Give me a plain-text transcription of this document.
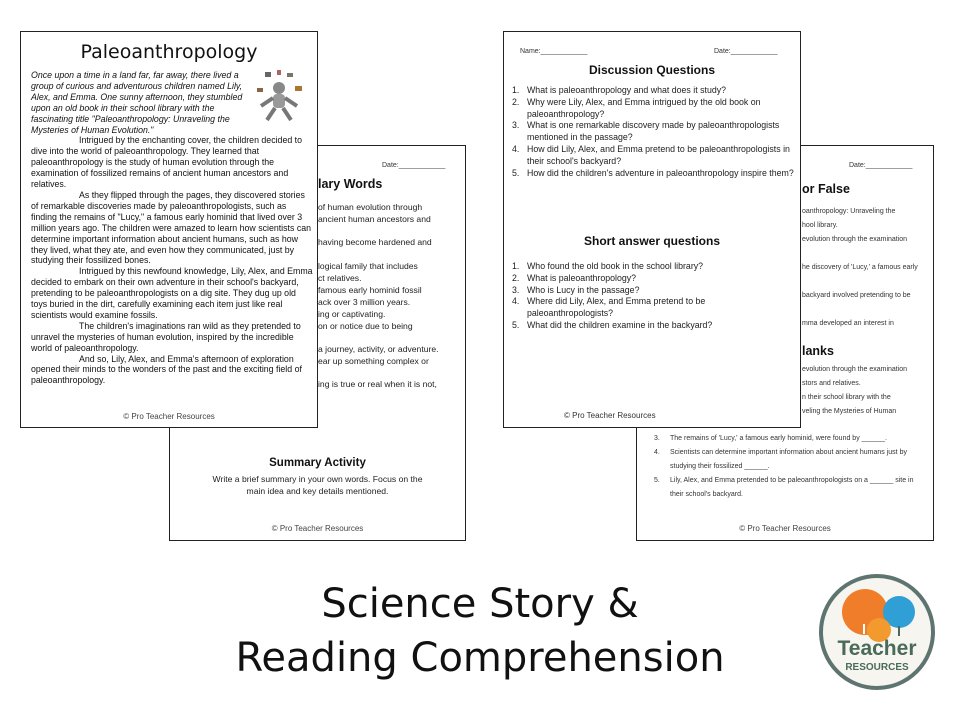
Date:____________
lary Words
of human evolution through
ancient human ancestors and
having become hardened and
logical family that includes
ct relatives.
famous early hominid fossil
ack over 3 million years.
ing or captivating.
on or notice due to being
a journey, activity, or adventure.
ear up something complex or
ing is true or real when it is not,
Summary Activity
Write a brief summary in your own words. Focus on the
main idea and key details mentioned.
© Pro Teacher Resources
Paleoanthropology

Once upon a time in a land far, far away, there lived a group of curious and adventurous children named Lily, Alex, and Emma. One sunny afternoon, they stumbled upon an old book in their school library with the fascinating title "Paleoanthropology: Unraveling the Mysteries of Human Evolution."

Intrigued by the enchanting cover, the children decided to dive into the world of paleoanthropology. They learned that paleoanthropology is the study of human evolution through the examination of fossilized remains of ancient human ancestors and relatives.

As they flipped through the pages, they discovered stories of remarkable discoveries made by paleoanthropologists, such as finding the remains of "Lucy," a famous early hominid that lived over 3 million years ago. The children were amazed to learn how scientists can determine important information about ancient humans, such as how they lived, what they ate, and even how they communicated, just by studying their fossilized bones.

Intrigued by this newfound knowledge, Lily, Alex, and Emma decided to embark on their own adventure in their school's backyard, pretending to be paleoanthropologists on a dig site. They dug up old toys buried in the dirt, carefully examining each item just like real scientists would examine fossils.

The children's imaginations ran wild as they pretended to unravel the mysteries of human evolution, inspired by the incredible world of paleoanthropology.

And so, Lily, Alex, and Emma's afternoon of exploration opened their minds to the wonders of the past and the exciting field of paleoanthropology.

© Pro Teacher Resources
Date:____________
or False
oanthropology: Unraveling the
hool library.
evolution through the examination
he discovery of 'Lucy,' a famous early
backyard involved pretending to be
mma developed an interest in
lanks
evolution through the examination
stors and relatives.
n their school library with the
veling the Mysteries of Human
3. The remains of 'Lucy,' a famous early hominid, were found by ______.
4. Scientists can determine important information about ancient humans just by
studying their fossilized ______.
5. Lily, Alex, and Emma pretended to be paleoanthropologists on a ______ site in
their school's backyard.
© Pro Teacher Resources
Name:____________	Date:____________
Discussion Questions
1. What is paleoanthropology and what does it study?
2. Why were Lily, Alex, and Emma intrigued by the old book on paleoanthropology?
3. What is one remarkable discovery made by paleoanthropologists mentioned in the passage?
4. How did Lily, Alex, and Emma pretend to be paleoanthropologists in their school's backyard?
5. How did the children's adventure in paleoanthropology inspire them?
Short answer questions
1. Who found the old book in the school library?
2. What is paleoanthropology?
3. Who is Lucy in the passage?
4. Where did Lily, Alex, and Emma pretend to be paleoanthropologists?
5. What did the children examine in the backyard?
© Pro Teacher Resources
Science Story &
Reading Comprehension	Teacher
RESOURCES
